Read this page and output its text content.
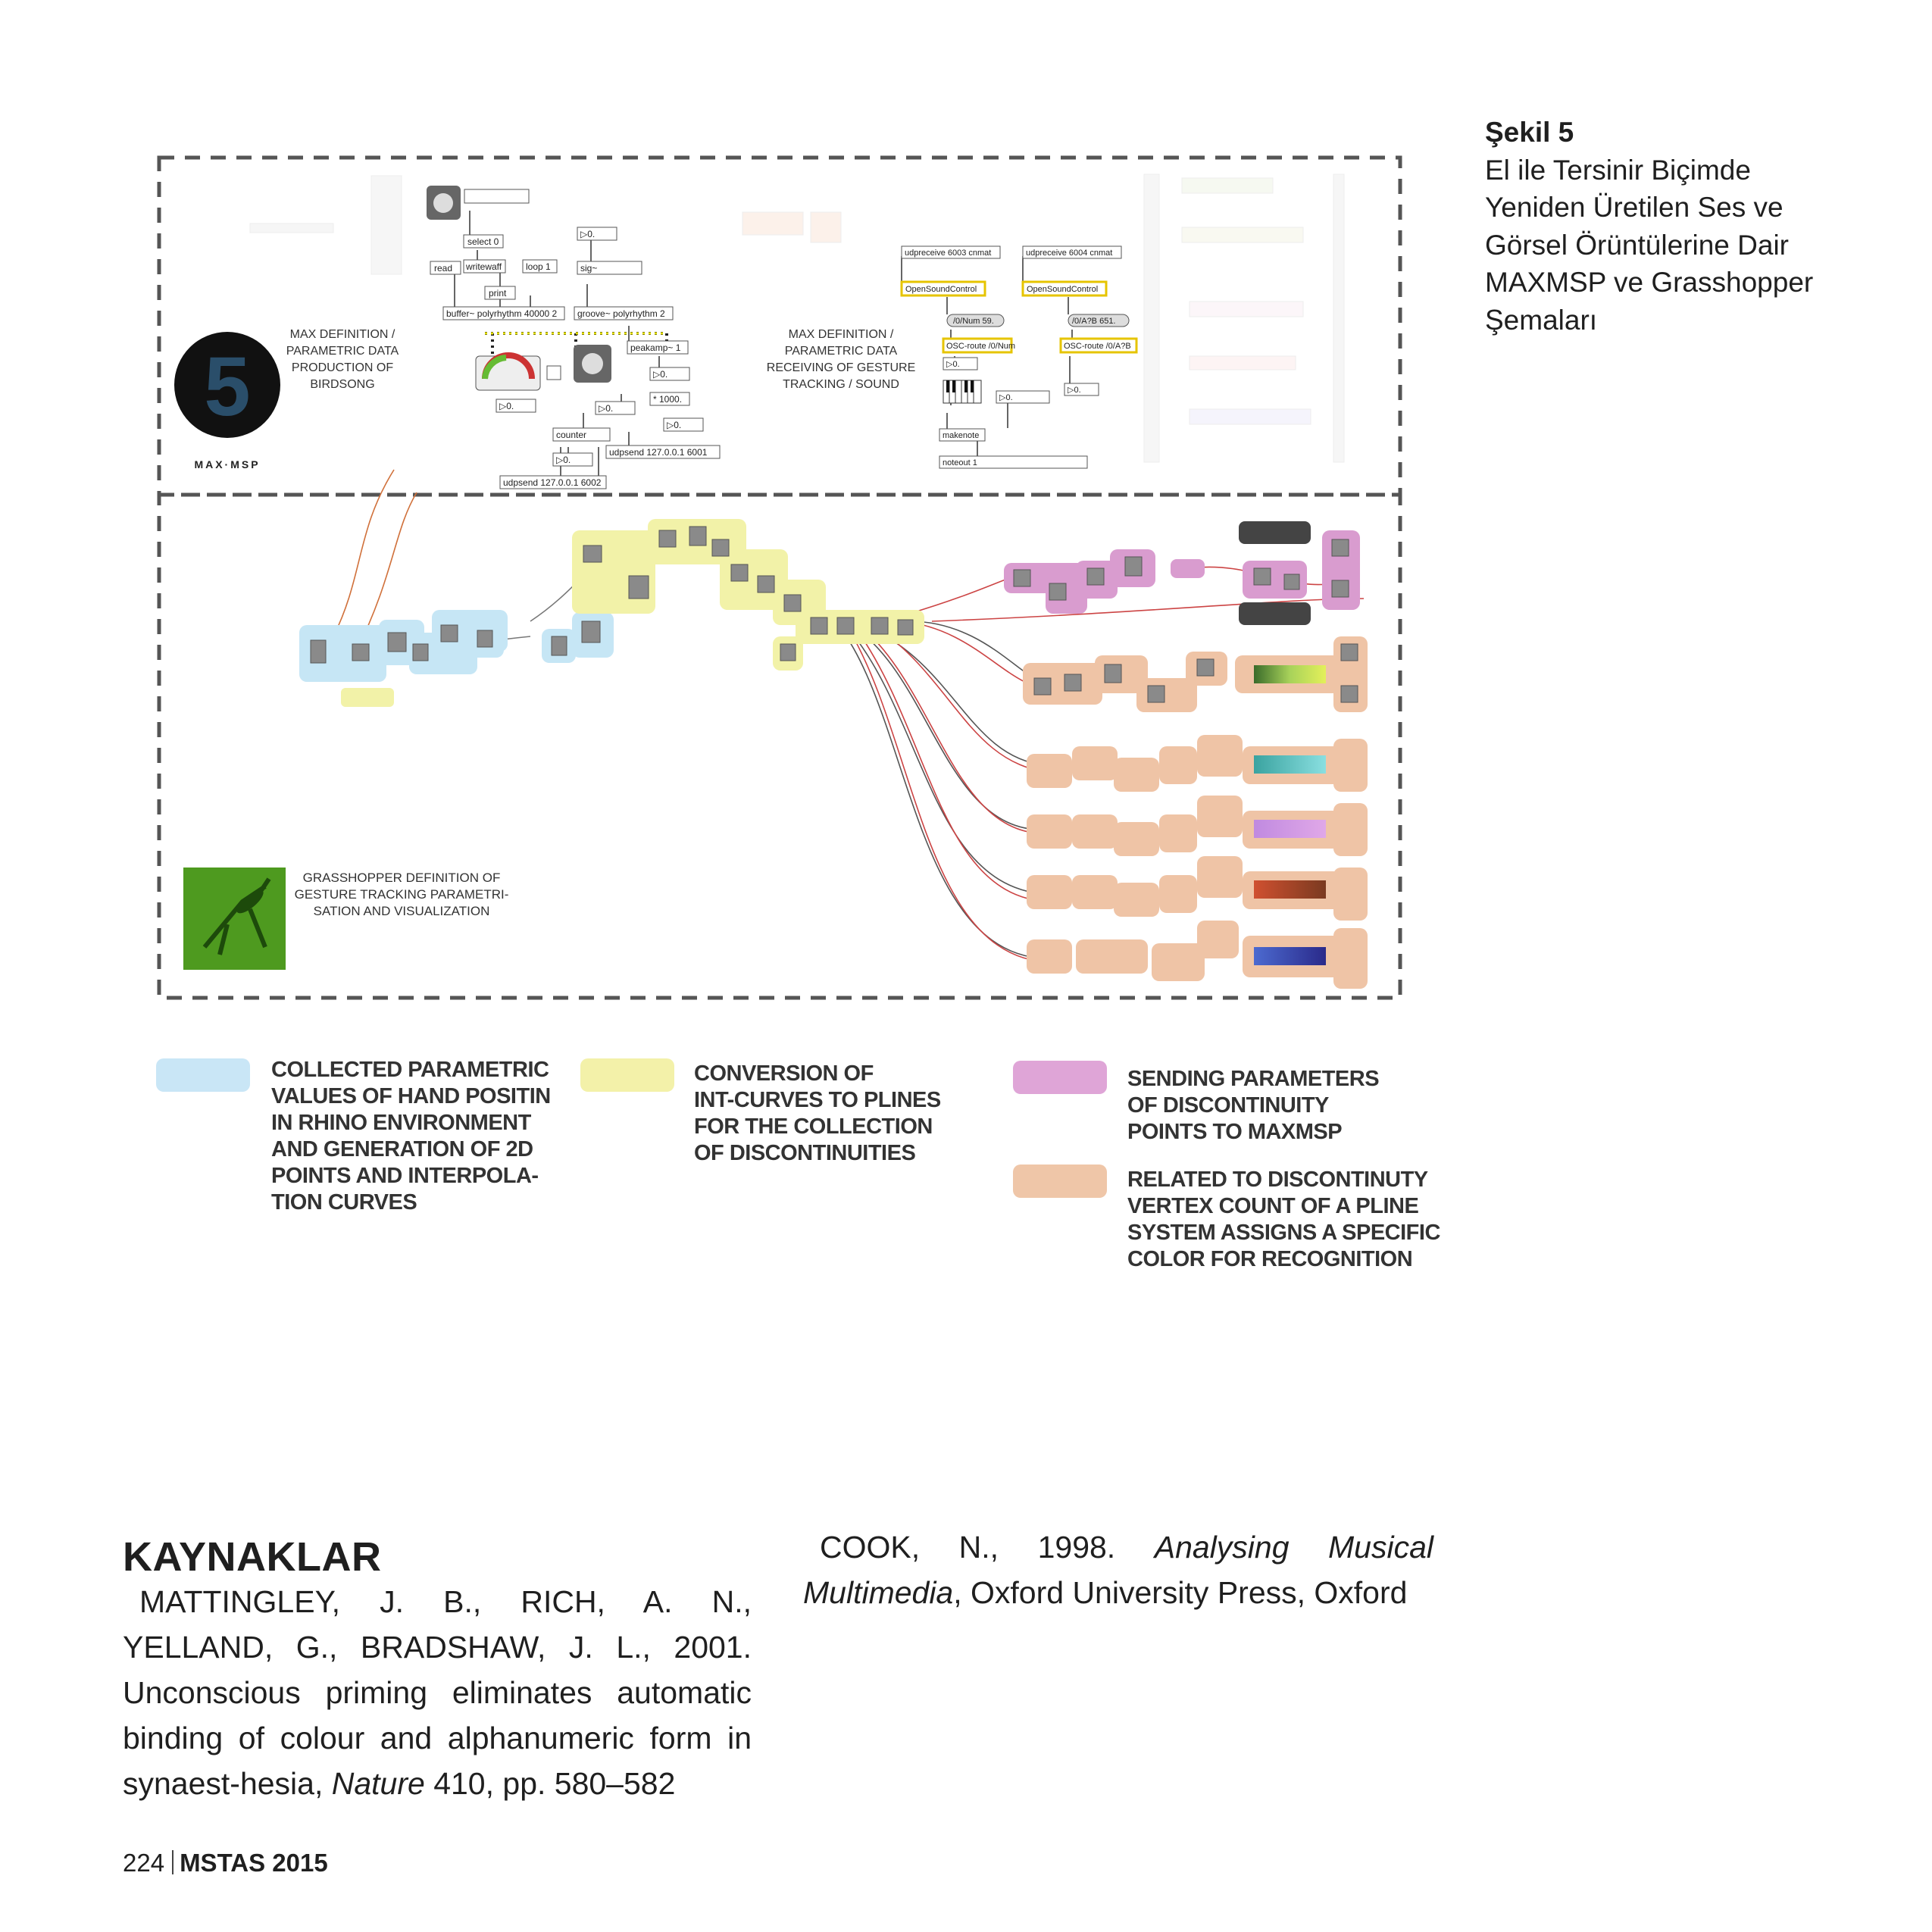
select 0
read writewaff
print
buffer~ polyrhythm 40000 2 groove~ polyrhythm 2
loop 1	sig~
▷0.
peakamp~ 1
▷0.
* 1000.
▷0.
▷0.
counter
udpsend 127.0.0.1 6001
▷0.
▷0.
udpsend 127.0.0.1 6002
5
MAX·MSP
MAX DEFINITION /
PARAMETRIC DATA
PRODUCTION OF
BIRDSONG
MAX DEFINITION /
PARAMETRIC DATA
RECEIVING OF GESTURE
TRACKING / SOUND
udpreceive 6003 cnmat	udpreceive 6004 cnmat
OpenSoundControl	OpenSoundControl
/0/Num 59.	/0/A?B 651.
OSC-route /0/Num	OSC-route /0/A?B
▷0.
▷0.
▷0.
makenote
noteout 1
GRASSHOPPER DEFINITION OF
GESTURE TRACKING PARAMETRI-
SATION AND VISUALIZATION
Şekil 5
El ile Tersinir Biçimde
Yeniden Üretilen Ses ve
Görsel Örüntülerine Dair
MAXMSP ve Grasshopper
Şemaları
COLLECTED PARAMETRIC
VALUES OF HAND POSITIN
IN RHINO ENVIRONMENT
AND GENERATION OF 2D
POINTS AND INTERPOLA-
TION CURVES
CONVERSION OF
INT-CURVES TO PLINES
FOR THE COLLECTION
OF DISCONTINUITIES
SENDING PARAMETERS
OF DISCONTINUITY
POINTS TO MAXMSP
RELATED TO DISCONTINUTY
VERTEX COUNT OF A PLINE
SYSTEM ASSIGNS A SPECIFIC
COLOR FOR RECOGNITION
KAYNAKLAR

MATTINGLEY, J. B., RICH, A. N., YELLAND, G., BRADSHAW, J. L., 2001. Unconscious priming eliminates automatic binding of colour and alphanumeric form in synaest-hesia, Nature 410, pp. 580–582

COOK, N., 1998. Analysing Musical Multimedia, Oxford University Press, Oxford

224 MSTAS 2015
